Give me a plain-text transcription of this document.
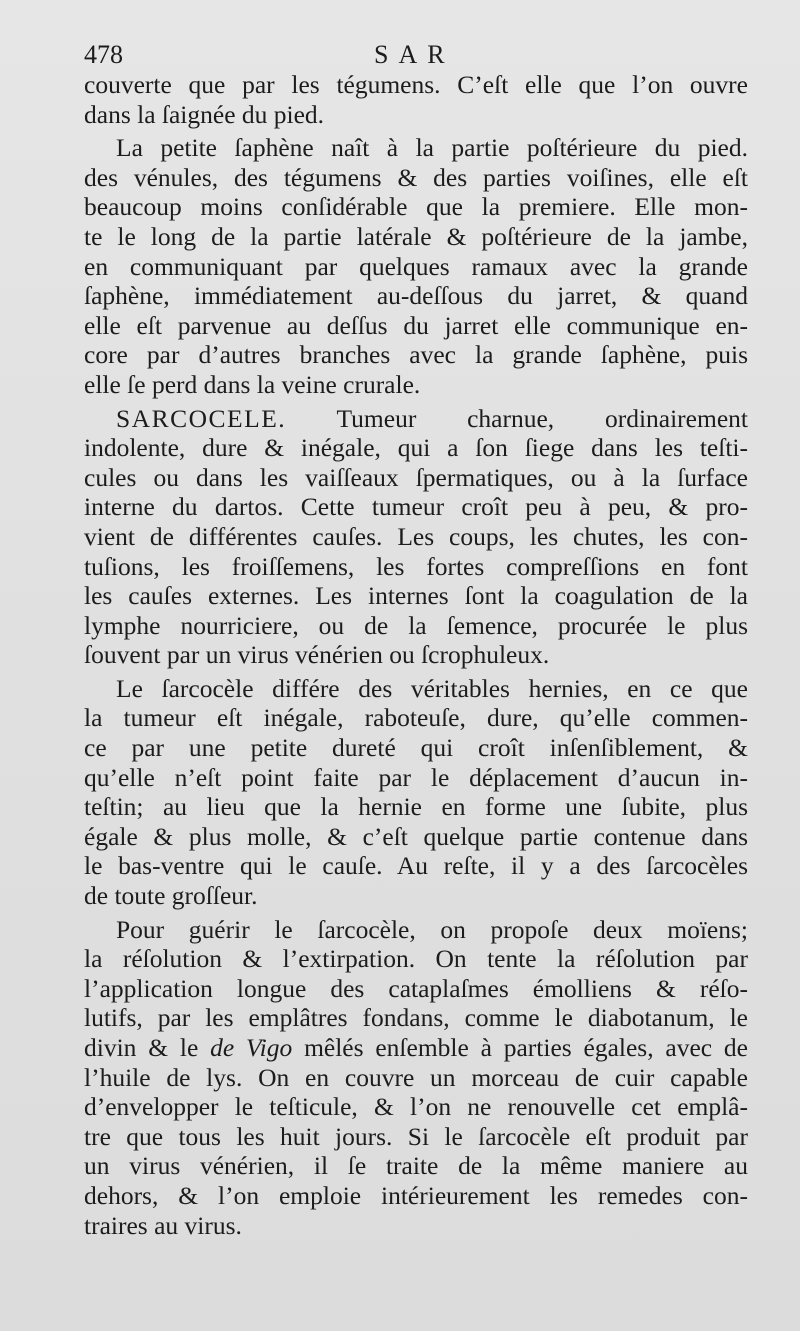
478	SAR
couverte que par les tégumens. C’eſt elle que l’on ouvre
dans la ſaignée du pied.
La petite ſaphène naît à la partie poſtérieure du pied.
des vénules, des tégumens & des parties voiſines, elle eſt
beaucoup moins conſidérable que la premiere. Elle mon-
te le long de la partie latérale & poſtérieure de la jambe,
en communiquant par quelques ramaux avec la grande
ſaphène, immédiatement au-deſſous du jarret, & quand
elle eſt parvenue au deſſus du jarret elle communique en-
core par d’autres branches avec la grande ſaphène, puis
elle ſe perd dans la veine crurale.
SARCOCELE. Tumeur charnue, ordinairement
indolente, dure & inégale, qui a ſon ſiege dans les teſti-
cules ou dans les vaiſſeaux ſpermatiques, ou à la ſurface
interne du dartos. Cette tumeur croît peu à peu, & pro-
vient de différentes cauſes. Les coups, les chutes, les con-
tuſions, les froiſſemens, les fortes compreſſions en font
les cauſes externes. Les internes ſont la coagulation de la
lymphe nourriciere, ou de la ſemence, procurée le plus
ſouvent par un virus vénérien ou ſcrophuleux.
Le ſarcocèle différe des véritables hernies, en ce que
la tumeur eſt inégale, raboteuſe, dure, qu’elle commen-
ce par une petite dureté qui croît inſenſiblement, &
qu’elle n’eſt point faite par le déplacement d’aucun in-
teſtin; au lieu que la hernie en forme une ſubite, plus
égale & plus molle, & c’eſt quelque partie contenue dans
le bas-ventre qui le cauſe. Au reſte, il y a des ſarcocèles
de toute groſſeur.
Pour guérir le ſarcocèle, on propoſe deux moïens;
la réſolution & l’extirpation. On tente la réſolution par
l’application longue des cataplaſmes émolliens & réſo-
lutifs, par les emplâtres fondans, comme le diabotanum, le
divin & le de Vigo mêlés enſemble à parties égales, avec de
l’huile de lys. On en couvre un morceau de cuir capable
d’envelopper le teſticule, & l’on ne renouvelle cet emplâ-
tre que tous les huit jours. Si le ſarcocèle eſt produit par
un virus vénérien, il ſe traite de la même maniere au
dehors, & l’on emploie intérieurement les remedes con-
traires au virus.
